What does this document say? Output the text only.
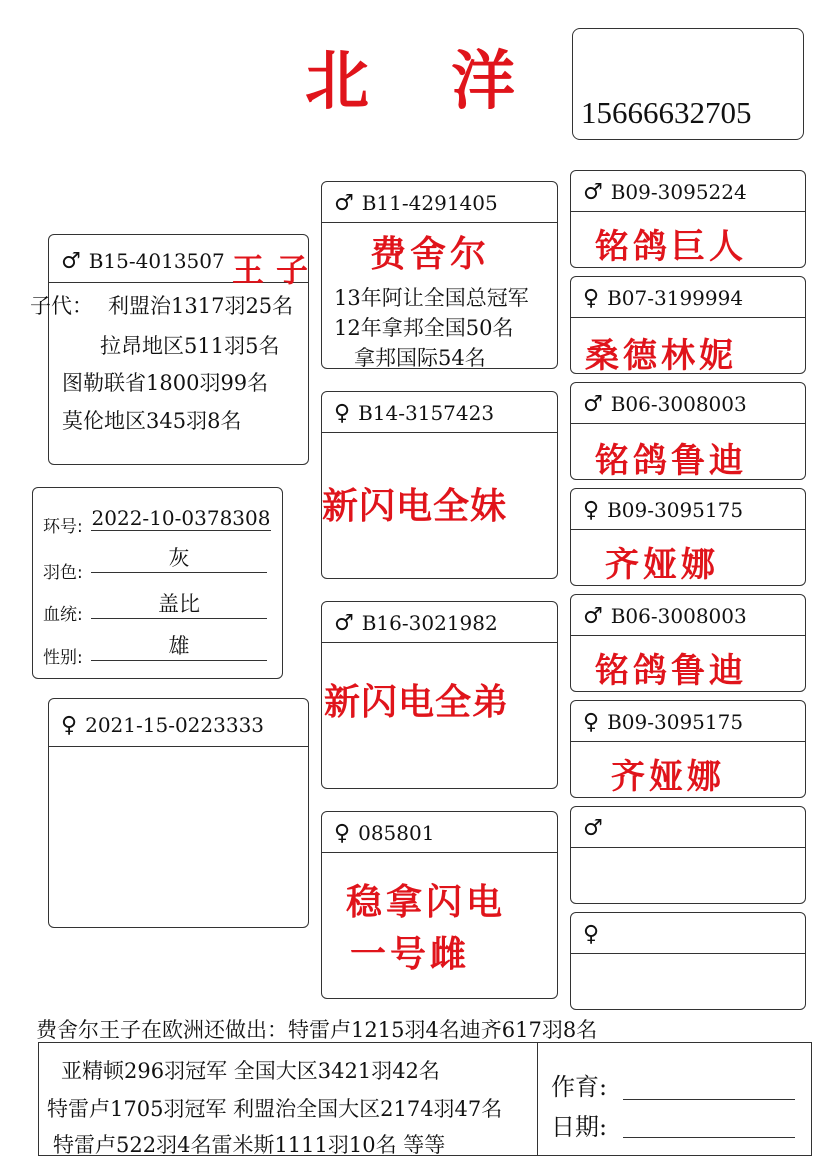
北 洋 15666632705
♂ B15-4013507 王子
子代： 利盟治1317羽25名
拉昂地区511羽5名
图勒联省1800羽99名
莫伦地区345羽8名
环号: 2022-10-0378308
羽色:
灰
血统:	盖比
性别:	雄
♀ 2021-15-0223333
♂ B11-4291405
费舍尔
13年阿让全国总冠军
12年拿邦全国50名
拿邦国际54名
♀ B14-3157423
新闪电全妹
♂ B16-3021982
新闪电全弟
♀ 085801
稳拿闪电
一号雌
♂ B09-3095224
铭鸽巨人
♀ B07-3199994
桑德林妮
♂ B06-3008003
铭鸽鲁迪
♀ B09-3095175
齐娅娜
♂ B06-3008003
铭鸽鲁迪
♀ B09-3095175
齐娅娜
♂
♀
费舍尔王子在欧洲还做出：特雷卢1215羽4名迪齐617羽8名
亚精顿296羽冠军 全国大区3421羽42名
特雷卢1705羽冠军 利盟治全国大区2174羽47名
特雷卢522羽4名雷米斯1111羽10名 等等
作育:
日期:
